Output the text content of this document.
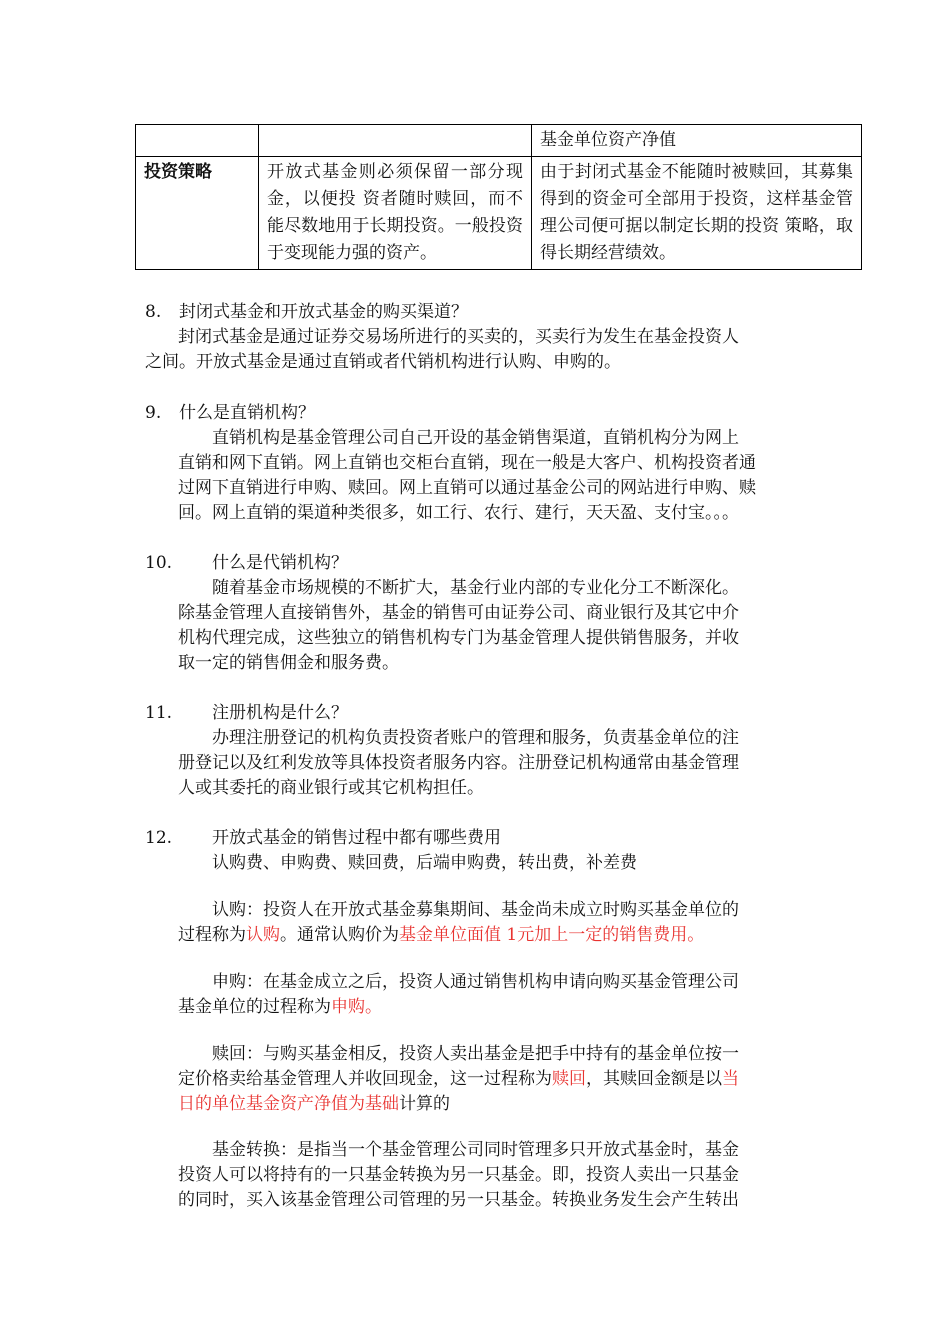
		基金单位资产净值
投资策略	开放式基金则必须保留一部分现金，以便投 资者随时赎回，而不能尽数地用于长期投资。一般投资于变现能力强的资产。	由于封闭式基金不能随时被赎回，其募集 得到的资金可全部用于投资，这样基金管理公司便可据以制定长期的投资 策略，取得长期经营绩效。
8. 封闭式基金和开放式基金的购买渠道？
封闭式基金是通过证券交易场所进行的买卖的，买卖行为发生在基金投资人
之间。开放式基金是通过直销或者代销机构进行认购、申购的。
9. 什么是直销机构？
　　直销机构是基金管理公司自己开设的基金销售渠道，直销机构分为网上
直销和网下直销。网上直销也交柜台直销，现在一般是大客户、机构投资者通
过网下直销进行申购、赎回。网上直销可以通过基金公司的网站进行申购、赎
回。网上直销的渠道种类很多，如工行、农行、建行，天天盈、支付宝。。。
10. 什么是代销机构？
　　随着基金市场规模的不断扩大，基金行业内部的专业化分工不断深化。
除基金管理人直接销售外，基金的销售可由证券公司、商业银行及其它中介
机构代理完成，这些独立的销售机构专门为基金管理人提供销售服务，并收
取一定的销售佣金和服务费。
11. 注册机构是什么？
办理注册登记的机构负责投资者账户的管理和服务，负责基金单位的注
册登记以及红利发放等具体投资者服务内容。注册登记机构通常由基金管理
人或其委托的商业银行或其它机构担任。
12. 开放式基金的销售过程中都有哪些费用
认购费、申购费、赎回费，后端申购费，转出费，补差费
　　认购：投资人在开放式基金募集期间、基金尚未成立时购买基金单位的
过程称为认购。通常认购价为基金单位面值 1元加上一定的销售费用。
　　申购：在基金成立之后，投资人通过销售机构申请向购买基金管理公司
基金单位的过程称为申购。
　　赎回：与购买基金相反，投资人卖出基金是把手中持有的基金单位按一
定价格卖给基金管理人并收回现金，这一过程称为赎回，其赎回金额是以当
日的单位基金资产净值为基础计算的
　　基金转换：是指当一个基金管理公司同时管理多只开放式基金时，基金
投资人可以将持有的一只基金转换为另一只基金。即，投资人卖出一只基金
的同时，买入该基金管理公司管理的另一只基金。转换业务发生会产生转出
